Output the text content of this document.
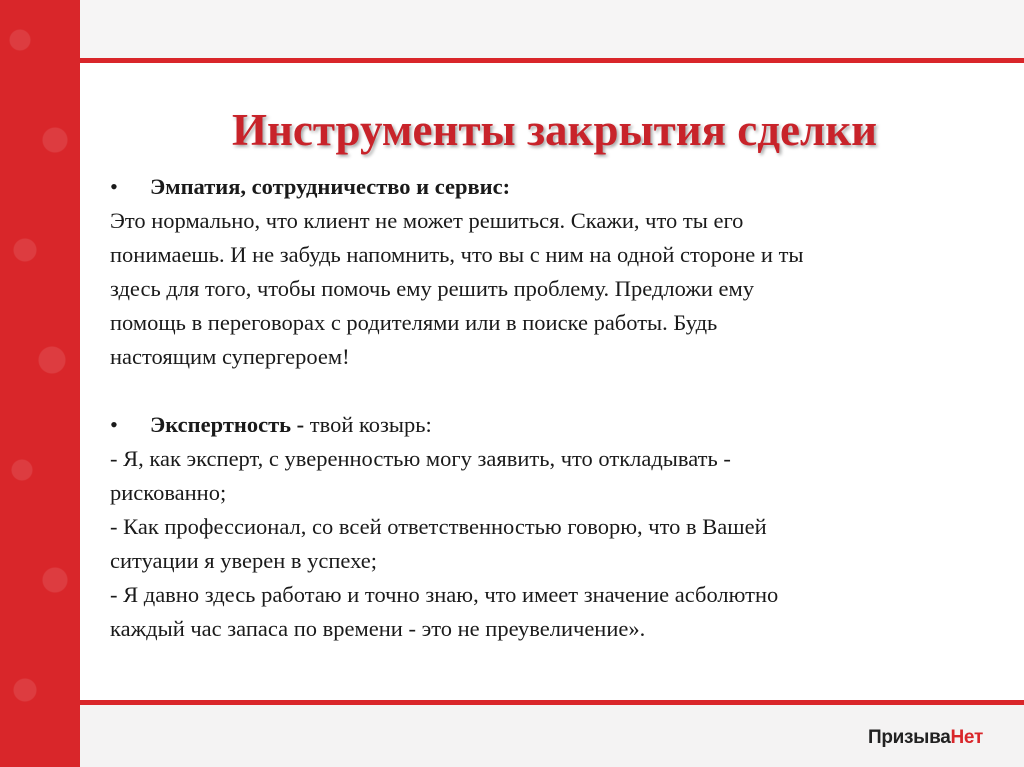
Инструменты закрытия сделки
•	Эмпатия, сотрудничество и сервис:

Это нормально, что клиент не может решиться. Скажи, что ты его

понимаешь. И не забудь напомнить, что вы с ним на одной стороне и ты

здесь для того, чтобы помочь ему решить проблему. Предложи ему

помощь в переговорах с родителями или в поиске работы. Будь

настоящим супергероем!

•	Экспертность - твой козырь:

- Я, как эксперт, с уверенностью могу заявить, что откладывать -

рискованно;

- Как профессионал, со всей ответственностью говорю, что в Вашей

ситуации я уверен в успехе;

- Я давно здесь работаю и точно знаю, что имеет значение асболютно

каждый час запаса по времени - это не преувеличение».

ПризываНет
